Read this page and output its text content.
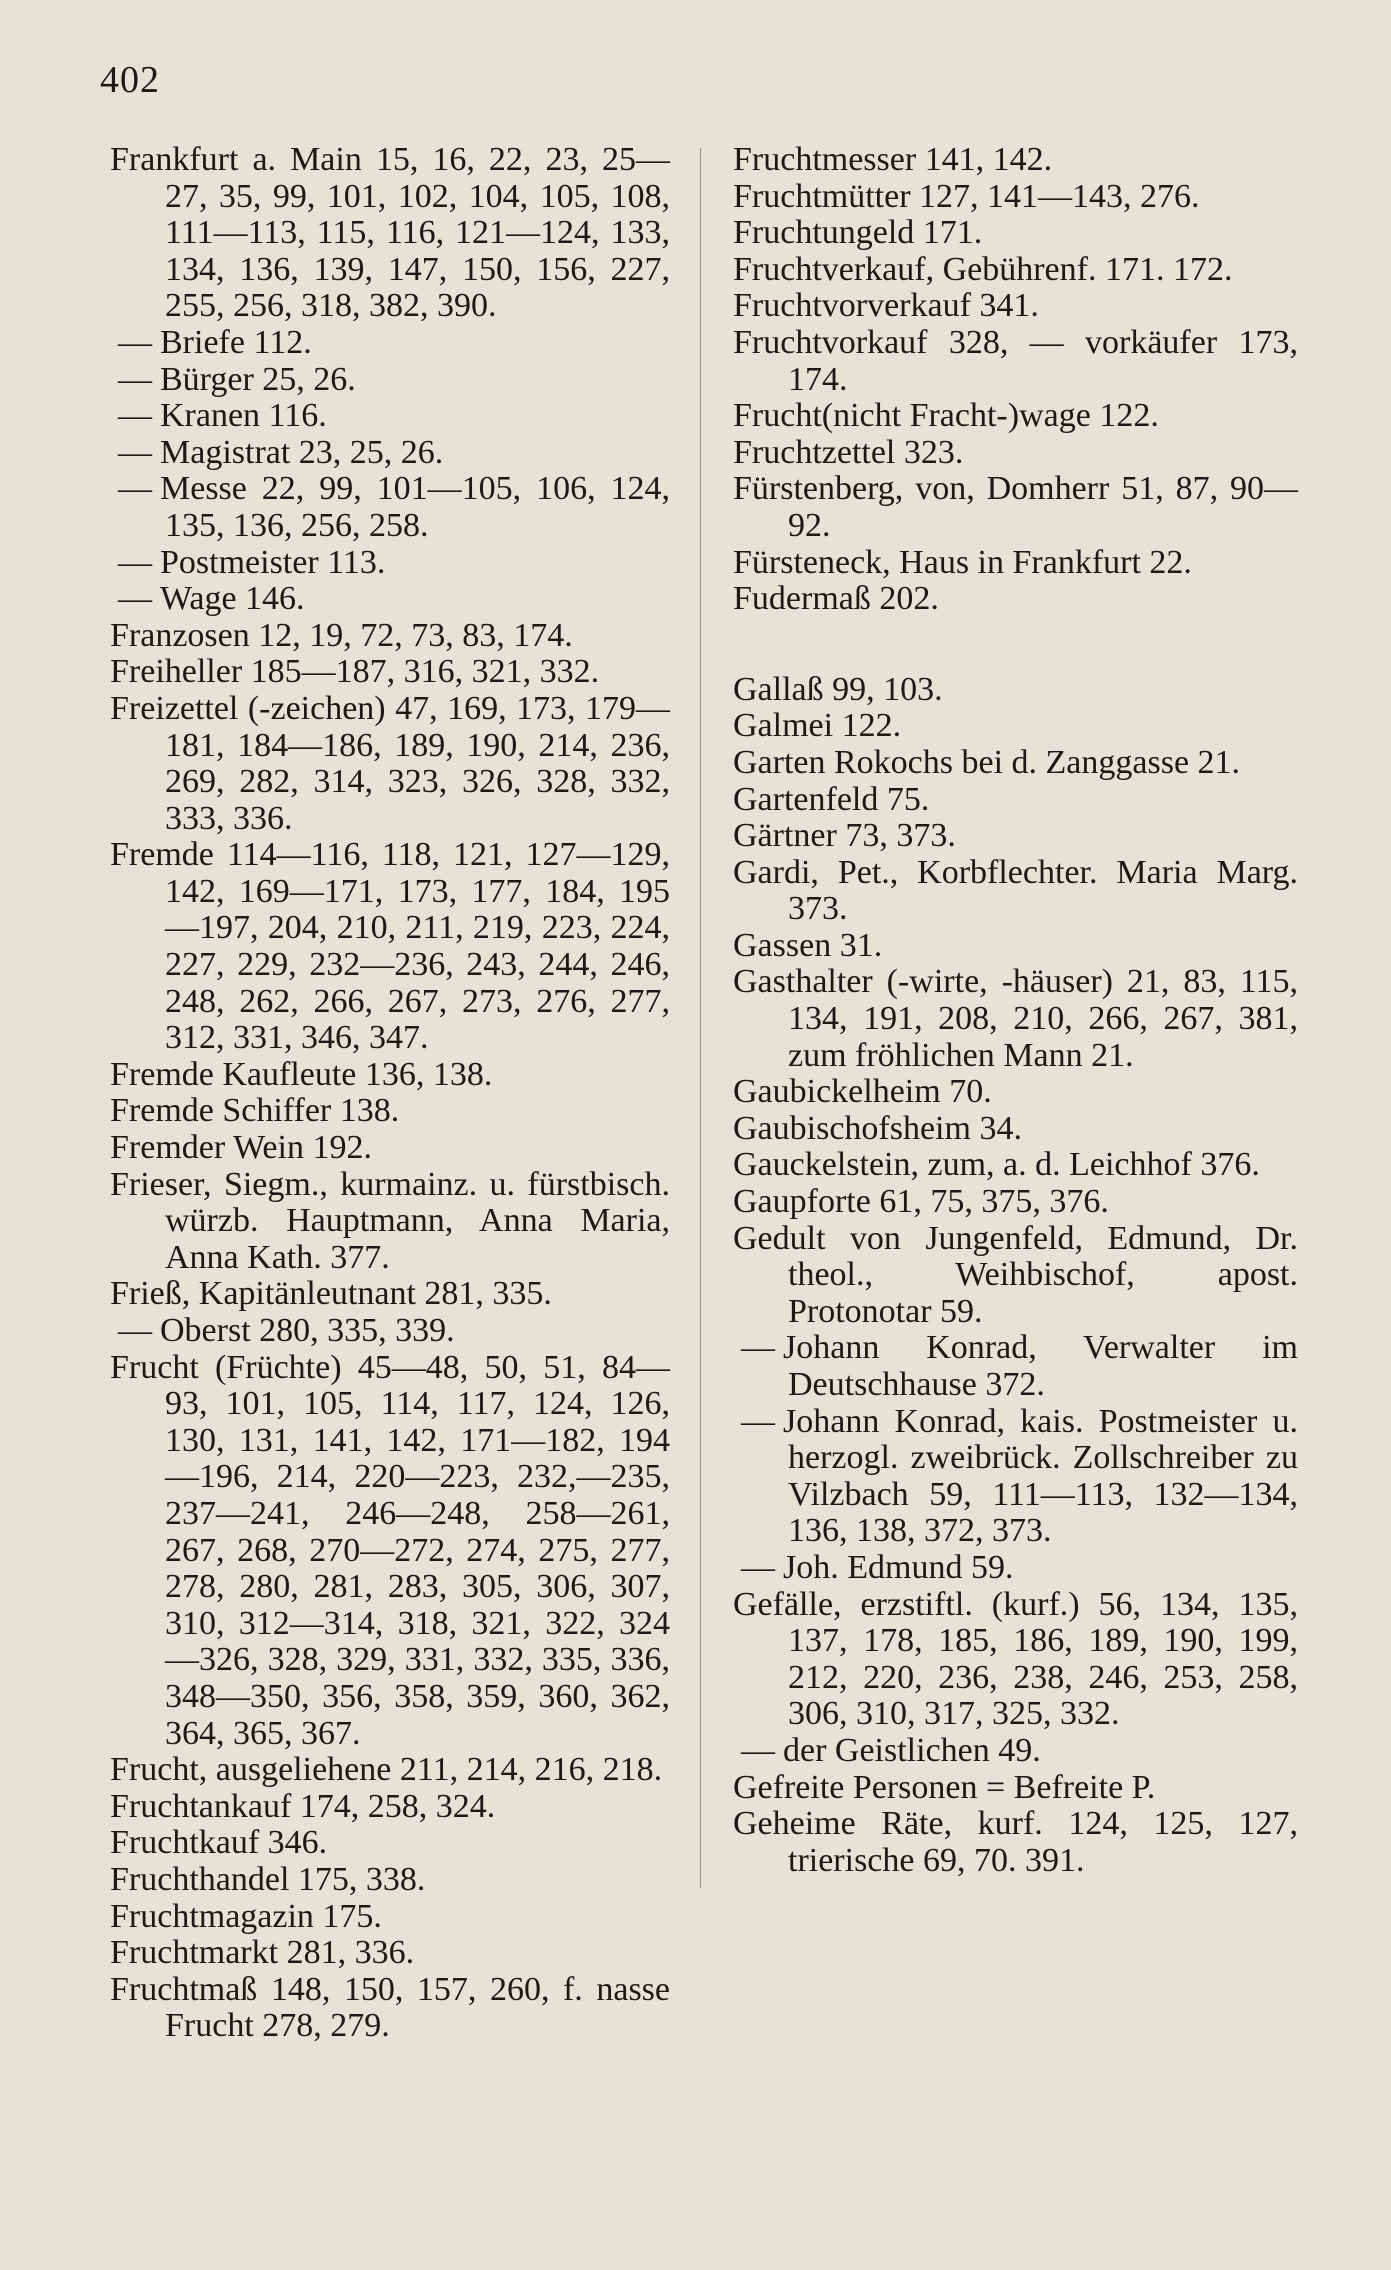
402
Frankfurt a. Main 15, 16, 22, 23, 25—27, 35, 99, 101, 102, 104, 105, 108, 111—113, 115, 116, 121—124, 133, 134, 136, 139, 147, 150, 156, 227, 255, 256, 318, 382, 390.
— Briefe 112.
— Bürger 25, 26.
— Kranen 116.
— Magistrat 23, 25, 26.
— Messe 22, 99, 101—105, 106, 124, 135, 136, 256, 258.
— Postmeister 113.
— Wage 146.
Franzosen 12, 19, 72, 73, 83, 174.
Freiheller 185—187, 316, 321, 332.
Freizettel (-zeichen) 47, 169, 173, 179—181, 184—186, 189, 190, 214, 236, 269, 282, 314, 323, 326, 328, 332, 333, 336.
Fremde 114—116, 118, 121, 127—129, 142, 169—171, 173, 177, 184, 195—197, 204, 210, 211, 219, 223, 224, 227, 229, 232—236, 243, 244, 246, 248, 262, 266, 267, 273, 276, 277, 312, 331, 346, 347.
Fremde Kaufleute 136, 138.
Fremde Schiffer 138.
Fremder Wein 192.
Frieser, Siegm., kurmainz. u. fürstbisch. würzb. Hauptmann, Anna Maria, Anna Kath. 377.
Frieß, Kapitänleutnant 281, 335.
— Oberst 280, 335, 339.
Frucht (Früchte) 45—48, 50, 51, 84—93, 101, 105, 114, 117, 124, 126, 130, 131, 141, 142, 171—182, 194—196, 214, 220—223, 232,—235, 237—241, 246—248, 258—261, 267, 268, 270—272, 274, 275, 277, 278, 280, 281, 283, 305, 306, 307, 310, 312—314, 318, 321, 322, 324—326, 328, 329, 331, 332, 335, 336, 348—350, 356, 358, 359, 360, 362, 364, 365, 367.
Frucht, ausgeliehene 211, 214, 216, 218.
Fruchtankauf 174, 258, 324.
Fruchtkauf 346.
Fruchthandel 175, 338.
Fruchtmagazin 175.
Fruchtmarkt 281, 336.
Fruchtmaß 148, 150, 157, 260, f. nasse Frucht 278, 279.
Fruchtmesser 141, 142.
Fruchtmütter 127, 141—143, 276.
Fruchtungeld 171.
Fruchtverkauf, Gebührenf. 171. 172.
Fruchtvorverkauf 341.
Fruchtvorkauf 328, — vorkäufer 173, 174.
Frucht(nicht Fracht-)wage 122.
Fruchtzettel 323.
Fürstenberg, von, Domherr 51, 87, 90—92.
Fürsteneck, Haus in Frankfurt 22.
Fudermaß 202.
Gallaß 99, 103.
Galmei 122.
Garten Rokochs bei d. Zanggasse 21.
Gartenfeld 75.
Gärtner 73, 373.
Gardi, Pet., Korbflechter. Maria Marg. 373.
Gassen 31.
Gasthalter (-wirte, -häuser) 21, 83, 115, 134, 191, 208, 210, 266, 267, 381, zum fröhlichen Mann 21.
Gaubickelheim 70.
Gaubischofsheim 34.
Gauckelstein, zum, a. d. Leichhof 376.
Gaupforte 61, 75, 375, 376.
Gedult von Jungenfeld, Edmund, Dr. theol., Weihbischof, apost. Protonotar 59.
— Johann Konrad, Verwalter im Deutschhause 372.
— Johann Konrad, kais. Postmeister u. herzogl. zweibrück. Zollschreiber zu Vilzbach 59, 111—113, 132—134, 136, 138, 372, 373.
— Joh. Edmund 59.
Gefälle, erzstiftl. (kurf.) 56, 134, 135, 137, 178, 185, 186, 189, 190, 199, 212, 220, 236, 238, 246, 253, 258, 306, 310, 317, 325, 332.
— der Geistlichen 49.
Gefreite Personen = Befreite P.
Geheime Räte, kurf. 124, 125, 127, trierische 69, 70. 391.
